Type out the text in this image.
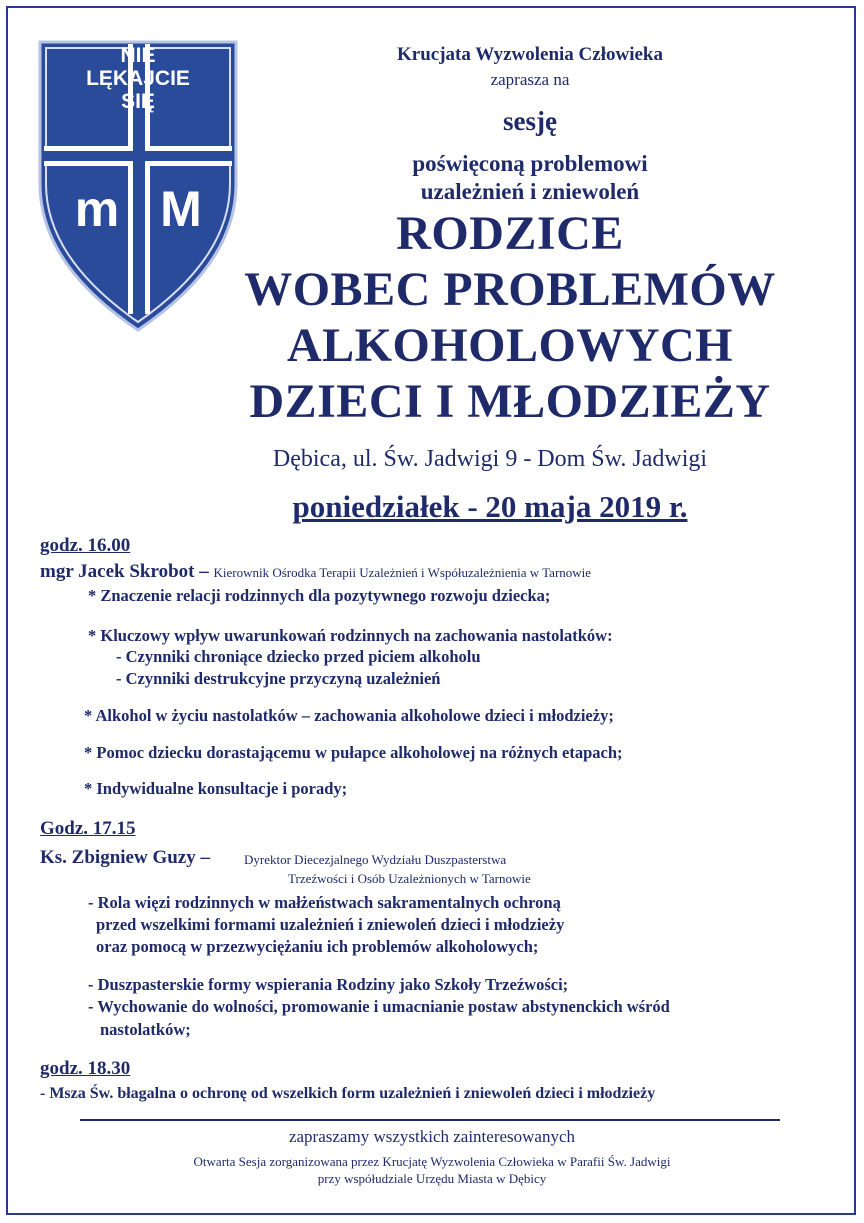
NIE
LĘKAJCIE
SIĘ
m M
Krucjata Wyzwolenia Człowieka
zaprasza na
sesję
poświęconą problemowi
uzależnień i zniewoleń
RODZICE
WOBEC PROBLEMÓW
ALKOHOLOWYCH
DZIECI I MŁODZIEŻY
Dębica, ul. Św. Jadwigi 9 - Dom Św. Jadwigi
poniedziałek - 20 maja 2019 r.
godz. 16.00
mgr Jacek Skrobot – Kierownik Ośrodka Terapii Uzależnień i Współuzależnienia w Tarnowie
* Znaczenie relacji rodzinnych dla pozytywnego rozwoju dziecka;
* Kluczowy wpływ uwarunkowań rodzinnych na zachowania nastolatków:
- Czynniki chroniące dziecko przed piciem alkoholu
- Czynniki destrukcyjne przyczyną uzależnień
* Alkohol w życiu nastolatków – zachowania alkoholowe dzieci i młodzieży;
* Pomoc dziecku dorastającemu w pułapce alkoholowej na różnych etapach;
* Indywidualne konsultacje i porady;
Godz. 17.15
Ks. Zbigniew Guzy –	Dyrektor Diecezjalnego Wydziału Duszpasterstwa
Trzeźwości i Osób Uzależnionych w Tarnowie
- Rola więzi rodzinnych w małżeństwach sakramentalnych ochroną
przed wszelkimi formami uzależnień i zniewoleń dzieci i młodzieży
oraz pomocą w przezwyciężaniu ich problemów alkoholowych;
- Duszpasterskie formy wspierania Rodziny jako Szkoły Trzeźwości;
- Wychowanie do wolności, promowanie i umacnianie postaw abstynenckich wśród
nastolatków;
godz. 18.30
- Msza Św. błagalna o ochronę od wszelkich form uzależnień i zniewoleń dzieci i młodzieży
zapraszamy wszystkich zainteresowanych
Otwarta Sesja zorganizowana przez Krucjatę Wyzwolenia Człowieka w Parafii Św. Jadwigi
przy współudziale Urzędu Miasta w Dębicy
